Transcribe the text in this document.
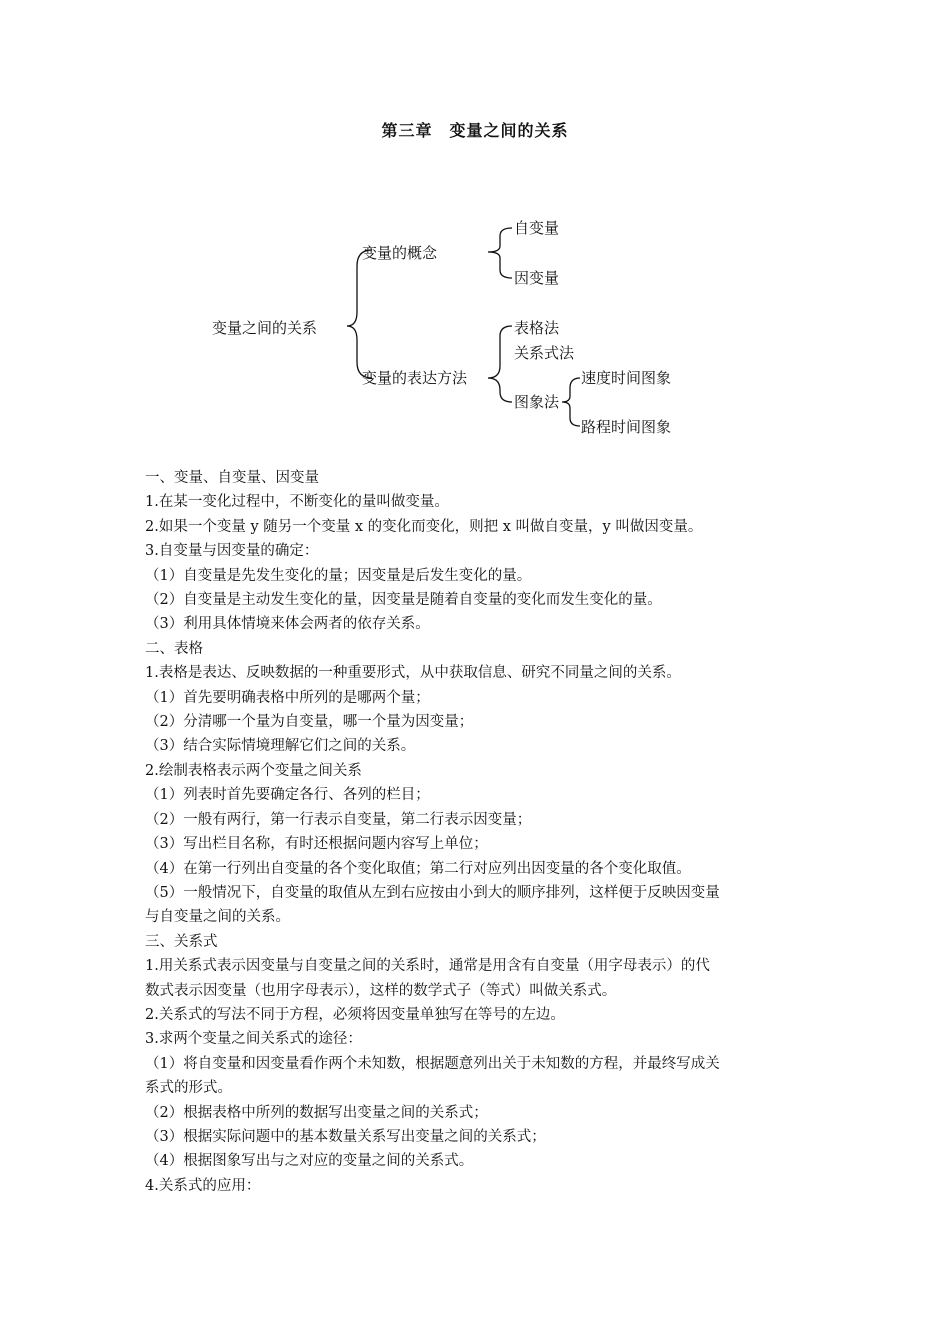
第三章　变量之间的关系
变量之间的关系
变量的概念
自变量
因变量
变量的表达方法
表格法
关系式法
图象法
速度时间图象
路程时间图象
一、变量、自变量、因变量
1.在某一变化过程中，不断变化的量叫做变量。
2.如果一个变量 y 随另一个变量 x 的变化而变化，则把 x 叫做自变量，y 叫做因变量。
3.自变量与因变量的确定：
（1）自变量是先发生变化的量；因变量是后发生变化的量。
（2）自变量是主动发生变化的量，因变量是随着自变量的变化而发生变化的量。
（3）利用具体情境来体会两者的依存关系。
二、表格
1.表格是表达、反映数据的一种重要形式，从中获取信息、研究不同量之间的关系。
（1）首先要明确表格中所列的是哪两个量；
（2）分清哪一个量为自变量，哪一个量为因变量；
（3）结合实际情境理解它们之间的关系。
2.绘制表格表示两个变量之间关系
（1）列表时首先要确定各行、各列的栏目；
（2）一般有两行，第一行表示自变量，第二行表示因变量；
（3）写出栏目名称，有时还根据问题内容写上单位；
（4）在第一行列出自变量的各个变化取值；第二行对应列出因变量的各个变化取值。
（5）一般情况下，自变量的取值从左到右应按由小到大的顺序排列，这样便于反映因变量
与自变量之间的关系。
三、关系式
1.用关系式表示因变量与自变量之间的关系时，通常是用含有自变量（用字母表示）的代
数式表示因变量（也用字母表示），这样的数学式子（等式）叫做关系式。
2.关系式的写法不同于方程，必须将因变量单独写在等号的左边。
3.求两个变量之间关系式的途径：
（1）将自变量和因变量看作两个未知数，根据题意列出关于未知数的方程，并最终写成关
系式的形式。
（2）根据表格中所列的数据写出变量之间的关系式；
（3）根据实际问题中的基本数量关系写出变量之间的关系式；
（4）根据图象写出与之对应的变量之间的关系式。
4.关系式的应用：
